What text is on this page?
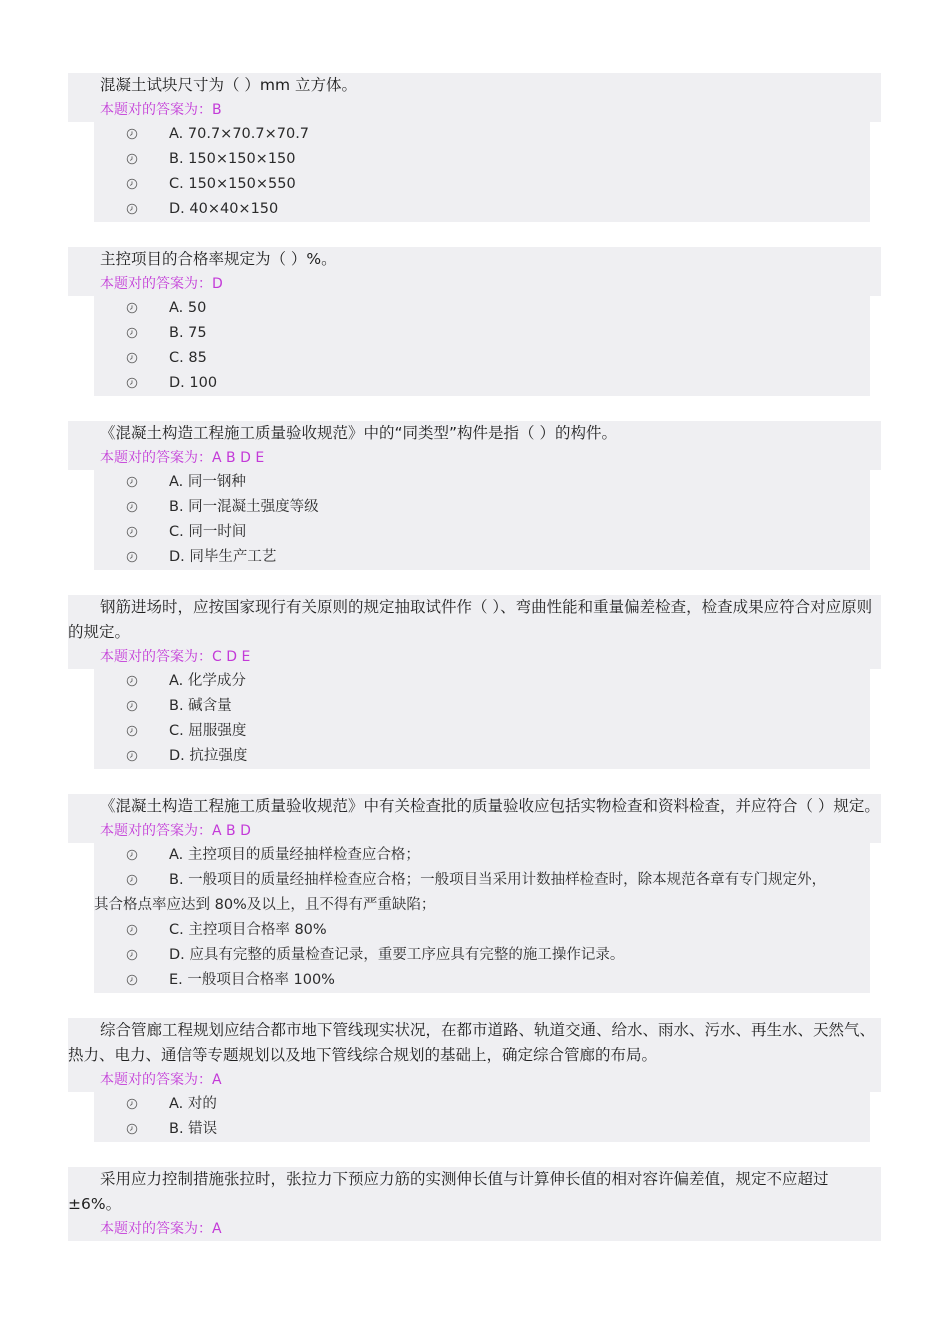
混凝土试块尺寸为（ ）mm 立方体。

本题对的答案为：B
A. 70.7×70.7×70.7
B. 150×150×150
C. 150×150×550
D. 40×40×150

主控项目的合格率规定为（ ）%。

本题对的答案为：D
A. 50
B. 75
C. 85
D. 100

《混凝土构造工程施工质量验收规范》中的“同类型”构件是指（ ）的构件。

本题对的答案为：A B D E
A. 同一钢种
B. 同一混凝土强度等级
C. 同一时间
D. 同毕生产工艺

钢筋进场时，应按国家现行有关原则的规定抽取试件作（ ）、弯曲性能和重量偏差检查，检查成果应符合对应原则的规定。

本题对的答案为：C D E
A. 化学成分
B. 碱含量
C. 屈服强度
D. 抗拉强度

《混凝土构造工程施工质量验收规范》中有关检查批的质量验收应包括实物检查和资料检查，并应符合（ ）规定。

本题对的答案为：A B D
A. 主控项目的质量经抽样检查应合格；
B. 一般项目的质量经抽样检查应合格；一般项目当采用计数抽样检查时，除本规范各章有专门规定外，
其合格点率应达到 80%及以上，且不得有严重缺陷；
C. 主控项目合格率 80%
D. 应具有完整的质量检查记录，重要工序应具有完整的施工操作记录。
E. 一般项目合格率 100%

综合管廊工程规划应结合都市地下管线现实状况，在都市道路、轨道交通、给水、雨水、污水、再生水、天然气、热力、电力、通信等专题规划以及地下管线综合规划的基础上，确定综合管廊的布局。

本题对的答案为：A
A. 对的
B. 错误

采用应力控制措施张拉时，张拉力下预应力筋的实测伸长值与计算伸长值的相对容许偏差值，规定不应超过±6%。

本题对的答案为：A
